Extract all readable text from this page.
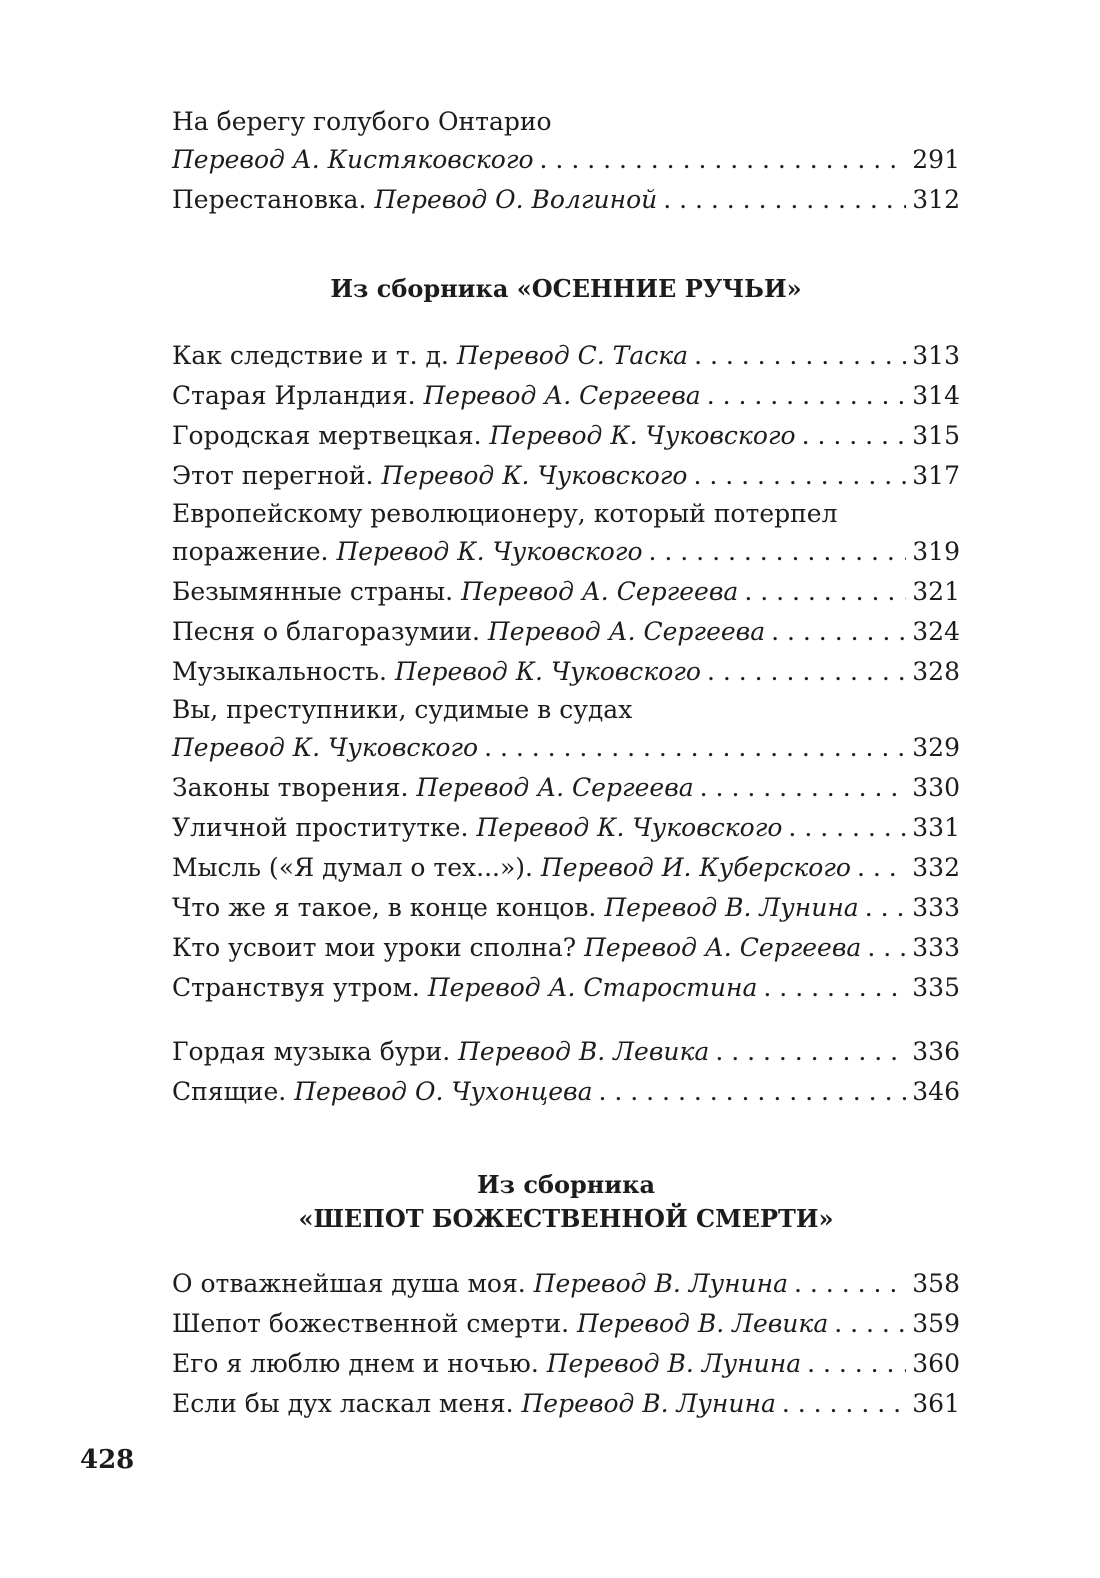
На берегу голубого Онтарио
Перевод А. Кистяковского . . .	291
Перестановка. Перевод О. Волгиной . . .	312
Из сборника «ОСЕННИЕ РУЧЬИ»
Как следствие и т. д. Перевод С. Таска . . .	313
Старая Ирландия. Перевод А. Сергеева . . .	314
Городская мертвецкая. Перевод К. Чуковского . . .	315
Этот перегной. Перевод К. Чуковского . . .	317
Европейскому революционеру, который потерпел
поражение. Перевод К. Чуковского . . .	319
Безымянные страны. Перевод А. Сергеева . . .	321
Песня о благоразумии. Перевод А. Сергеева . . .	324
Музыкальность. Перевод К. Чуковского . . .	328
Вы, преступники, судимые в судах
Перевод К. Чуковского . . .	329
Законы творения. Перевод А. Сергеева . . .	330
Уличной проститутке. Перевод К. Чуковского . . .	331
Мысль («Я думал о тех...»). Перевод И. Куберского . . . 332
Что же я такое, в конце концов. Перевод В. Лунина . . . 333
Кто усвоит мои уроки сполна? Перевод А. Сергеева . . . 333
Странствуя утром. Перевод А. Старостина . . .	335
Гордая музыка бури. Перевод В. Левика . . .	336
Спящие. Перевод О. Чухонцева . . .	346
Из сборника
«ШЕПОТ БОЖЕСТВЕННОЙ СМЕРТИ»
О отважнейшая душа моя. Перевод В. Лунина . . .	358
Шепот божественной смерти. Перевод В. Левика . . .	359
Его я люблю днем и ночью. Перевод В. Лунина . . .	360
Если бы дух ласкал меня. Перевод В. Лунина . . .	361
428
